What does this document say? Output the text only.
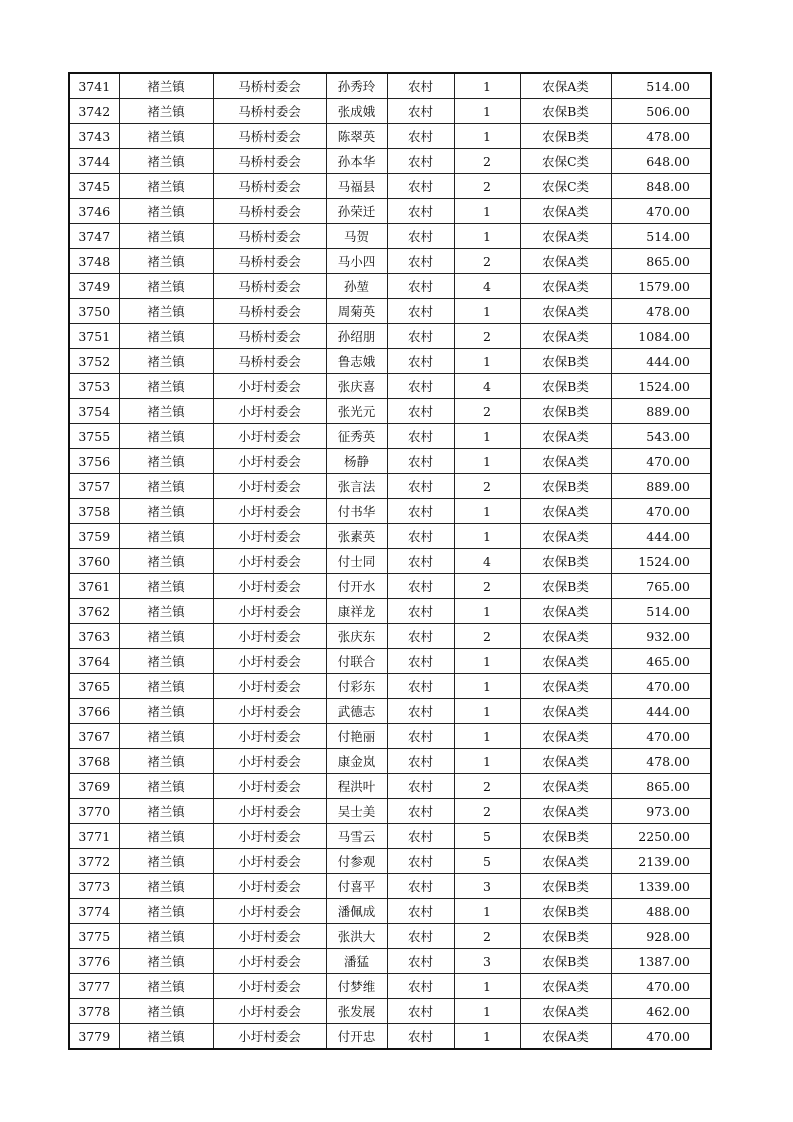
3741	褚兰镇	马桥村委会	孙秀玲	农村	1	农保A类	514.00
3742	褚兰镇	马桥村委会	张成娥	农村	1	农保B类	506.00
3743	褚兰镇	马桥村委会	陈翠英	农村	1	农保B类	478.00
3744	褚兰镇	马桥村委会	孙本华	农村	2	农保C类	648.00
3745	褚兰镇	马桥村委会	马福县	农村	2	农保C类	848.00
3746	褚兰镇	马桥村委会	孙荣迁	农村	1	农保A类	470.00
3747	褚兰镇	马桥村委会	马贺	农村	1	农保A类	514.00
3748	褚兰镇	马桥村委会	马小四	农村	2	农保A类	865.00
3749	褚兰镇	马桥村委会	孙堃	农村	4	农保A类	1579.00
3750	褚兰镇	马桥村委会	周菊英	农村	1	农保A类	478.00
3751	褚兰镇	马桥村委会	孙绍朋	农村	2	农保A类	1084.00
3752	褚兰镇	马桥村委会	鲁志娥	农村	1	农保B类	444.00
3753	褚兰镇	小圩村委会	张庆喜	农村	4	农保B类	1524.00
3754	褚兰镇	小圩村委会	张光元	农村	2	农保B类	889.00
3755	褚兰镇	小圩村委会	征秀英	农村	1	农保A类	543.00
3756	褚兰镇	小圩村委会	杨静	农村	1	农保A类	470.00
3757	褚兰镇	小圩村委会	张言法	农村	2	农保B类	889.00
3758	褚兰镇	小圩村委会	付书华	农村	1	农保A类	470.00
3759	褚兰镇	小圩村委会	张素英	农村	1	农保A类	444.00
3760	褚兰镇	小圩村委会	付士同	农村	4	农保B类	1524.00
3761	褚兰镇	小圩村委会	付开水	农村	2	农保B类	765.00
3762	褚兰镇	小圩村委会	康祥龙	农村	1	农保A类	514.00
3763	褚兰镇	小圩村委会	张庆东	农村	2	农保A类	932.00
3764	褚兰镇	小圩村委会	付联合	农村	1	农保A类	465.00
3765	褚兰镇	小圩村委会	付彩东	农村	1	农保A类	470.00
3766	褚兰镇	小圩村委会	武德志	农村	1	农保A类	444.00
3767	褚兰镇	小圩村委会	付艳丽	农村	1	农保A类	470.00
3768	褚兰镇	小圩村委会	康金岚	农村	1	农保A类	478.00
3769	褚兰镇	小圩村委会	程洪叶	农村	2	农保A类	865.00
3770	褚兰镇	小圩村委会	吴士美	农村	2	农保A类	973.00
3771	褚兰镇	小圩村委会	马雪云	农村	5	农保B类	2250.00
3772	褚兰镇	小圩村委会	付参观	农村	5	农保A类	2139.00
3773	褚兰镇	小圩村委会	付喜平	农村	3	农保B类	1339.00
3774	褚兰镇	小圩村委会	潘佩成	农村	1	农保B类	488.00
3775	褚兰镇	小圩村委会	张洪大	农村	2	农保B类	928.00
3776	褚兰镇	小圩村委会	潘猛	农村	3	农保B类	1387.00
3777	褚兰镇	小圩村委会	付梦维	农村	1	农保A类	470.00
3778	褚兰镇	小圩村委会	张发展	农村	1	农保A类	462.00
3779	褚兰镇	小圩村委会	付开忠	农村	1	农保A类	470.00
